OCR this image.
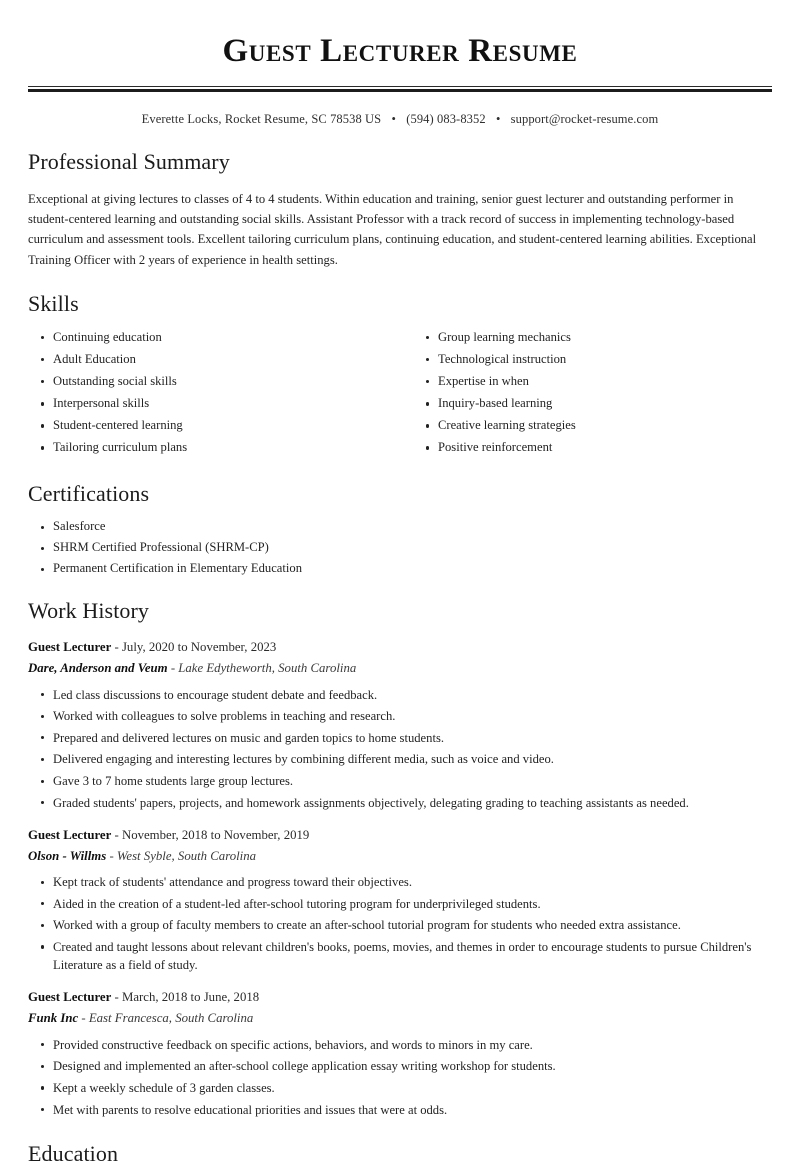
Guest Lecturer Resume
Everette Locks, Rocket Resume, SC 78538 US • (594) 083-8352 • support@rocket-resume.com
Professional Summary

Exceptional at giving lectures to classes of 4 to 4 students. Within education and training, senior guest lecturer and outstanding performer in student-centered learning and outstanding social skills. Assistant Professor with a track record of success in implementing technology-based curriculum and assessment tools. Excellent tailoring curriculum plans, continuing education, and student-centered learning abilities. Exceptional Training Officer with 2 years of experience in health settings.

Skills
Continuing education
Adult Education
Outstanding social skills
Interpersonal skills
Student-centered learning
Tailoring curriculum plans
Group learning mechanics
Technological instruction
Expertise in when
Inquiry-based learning
Creative learning strategies
Positive reinforcement
Certifications
Salesforce
SHRM Certified Professional (SHRM-CP)
Permanent Certification in Elementary Education
Work History
Guest Lecturer - July, 2020 to November, 2023
Dare, Anderson and Veum - Lake Edytheworth, South Carolina
Led class discussions to encourage student debate and feedback.
Worked with colleagues to solve problems in teaching and research.
Prepared and delivered lectures on music and garden topics to home students.
Delivered engaging and interesting lectures by combining different media, such as voice and video.
Gave 3 to 7 home students large group lectures.
Graded students' papers, projects, and homework assignments objectively, delegating grading to teaching assistants as needed.
Guest Lecturer - November, 2018 to November, 2019
Olson - Willms - West Syble, South Carolina
Kept track of students' attendance and progress toward their objectives.
Aided in the creation of a student-led after-school tutoring program for underprivileged students.
Worked with a group of faculty members to create an after-school tutorial program for students who needed extra assistance.
Created and taught lessons about relevant children's books, poems, movies, and themes in order to encourage students to pursue Children's Literature as a field of study.
Guest Lecturer - March, 2018 to June, 2018
Funk Inc - East Francesca, South Carolina
Provided constructive feedback on specific actions, behaviors, and words to minors in my care.
Designed and implemented an after-school college application essay writing workshop for students.
Kept a weekly schedule of 3 garden classes.
Met with parents to resolve educational priorities and issues that were at odds.
Education
